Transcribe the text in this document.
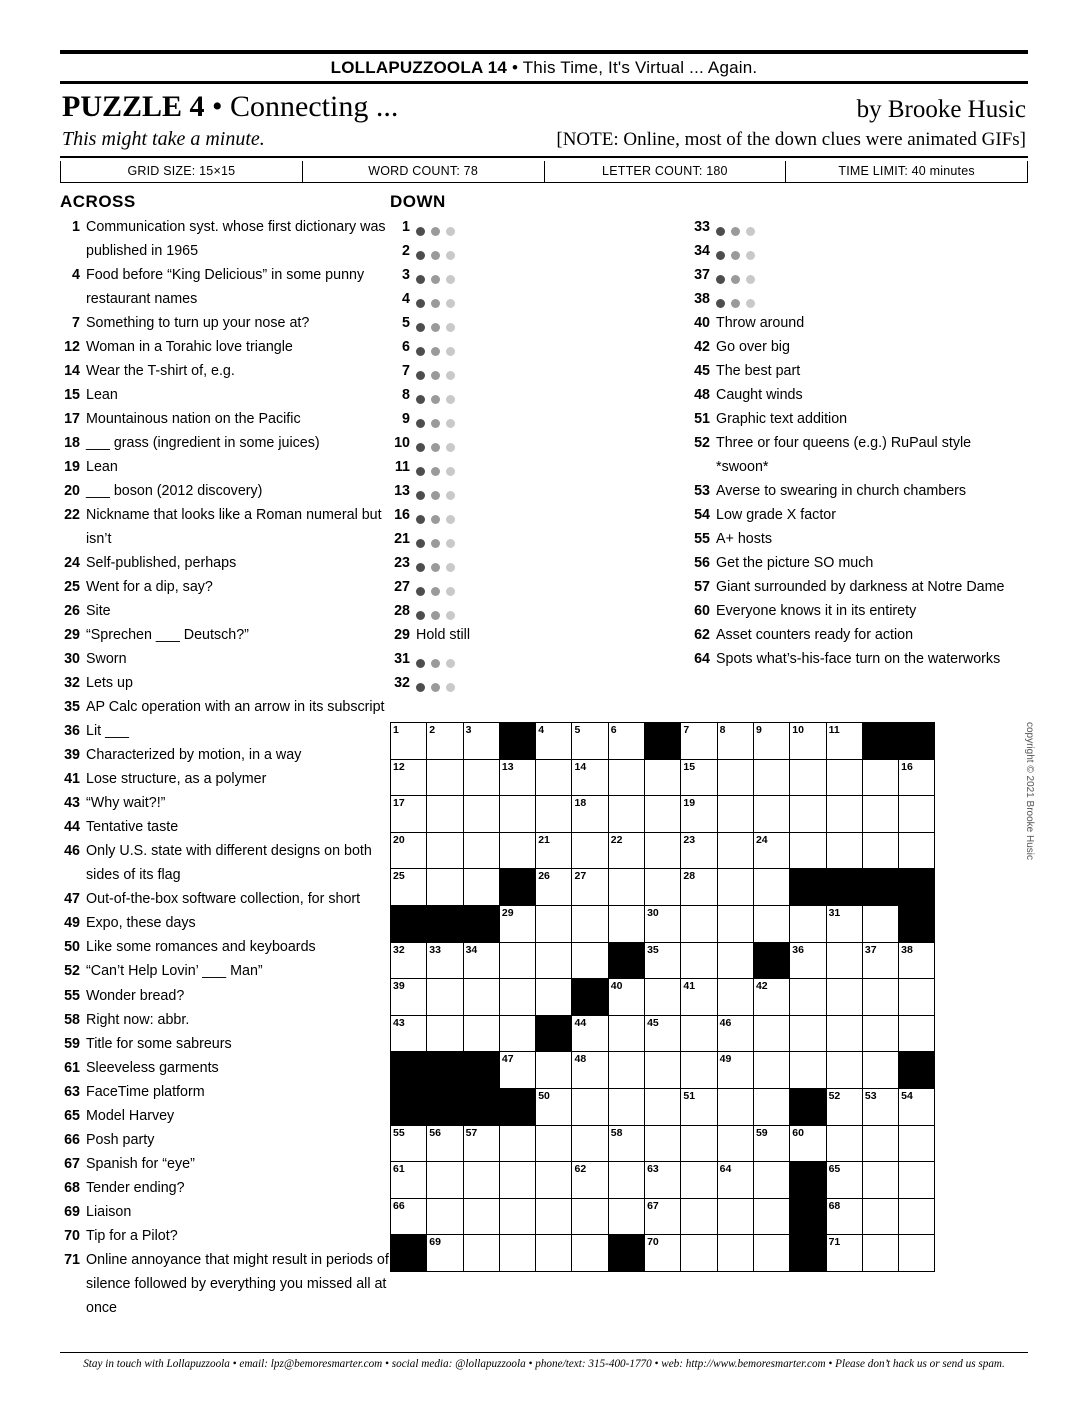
LOLLAPUZZOOLA 14 • This Time, It's Virtual ... Again.
PUZZLE 4 • Connecting ...	by Brooke Husic
This might take a minute.	[NOTE: Online, most of the down clues were animated GIFs]
GRID SIZE: 15×15	WORD COUNT: 78	LETTER COUNT: 180	TIME LIMIT: 40 minutes
ACROSS
1 Communication syst. whose first dictionary was published in 1965
4 Food before “King Delicious” in some punny restaurant names
7 Something to turn up your nose at?
12 Woman in a Torahic love triangle
14 Wear the T-shirt of, e.g.
15 Lean
17 Mountainous nation on the Pacific
18 ___ grass (ingredient in some juices)
19 Lean
20 ___ boson (2012 discovery)
22 Nickname that looks like a Roman numeral but isn’t
24 Self-published, perhaps
25 Went for a dip, say?
26 Site
29 “Sprechen ___ Deutsch?”
30 Sworn
32 Lets up
35 AP Calc operation with an arrow in its subscript
36 Lit ___
39 Characterized by motion, in a way
41 Lose structure, as a polymer
43 “Why wait?!”
44 Tentative taste
46 Only U.S. state with different designs on both sides of its flag
47 Out-of-the-box software collection, for short
49 Expo, these days
50 Like some romances and keyboards
52 “Can’t Help Lovin’ ___ Man”
55 Wonder bread?
58 Right now: abbr.
59 Title for some sabreurs
61 Sleeveless garments
63 FaceTime platform
65 Model Harvey
66 Posh party
67 Spanish for “eye”
68 Tender ending?
69 Liaison
70 Tip for a Pilot?
71 Online annoyance that might result in periods of silence followed by everything you missed all at once
DOWN
1
2
3
4
5
6
7
8
9
10
11
13
16
21
23
27
28
29 Hold still
31
32

33
34
37
38
40 Throw around
42 Go over big
45 The best part
48 Caught winds
51 Graphic text addition
52 Three or four queens (e.g.) RuPaul style *swoon*
53 Averse to swearing in church chambers
54 Low grade X factor
55 A+ hosts
56 Get the picture SO much
57 Giant surrounded by darkness at Notre Dame
60 Everyone knows it in its entirety
62 Asset counters ready for action
64 Spots what’s-his-face turn on the waterworks
1	2	3		4	5	6		7	8	9	10	11		
12			13		14			15						16
17					18			19						
20				21		22		23		24				
25				26	27			28						
			29				30					31		
32	33	34					35				36		37	38
39						40		41		42				
43					44		45		46					
			47		48				49					
				50				51				52	53	54
55	56	57				58				59	60			
61					62		63		64			65		
66							67					68		
	69						70					71		
copyright © 2021 Brooke Husic
Stay in touch with Lollapuzzoola • email: lpz@bemoresmarter.com • social media: @lollapuzzoola • phone/text: 315-400-1770 • web: http://www.bemoresmarter.com • Please don’t hack us or send us spam.
